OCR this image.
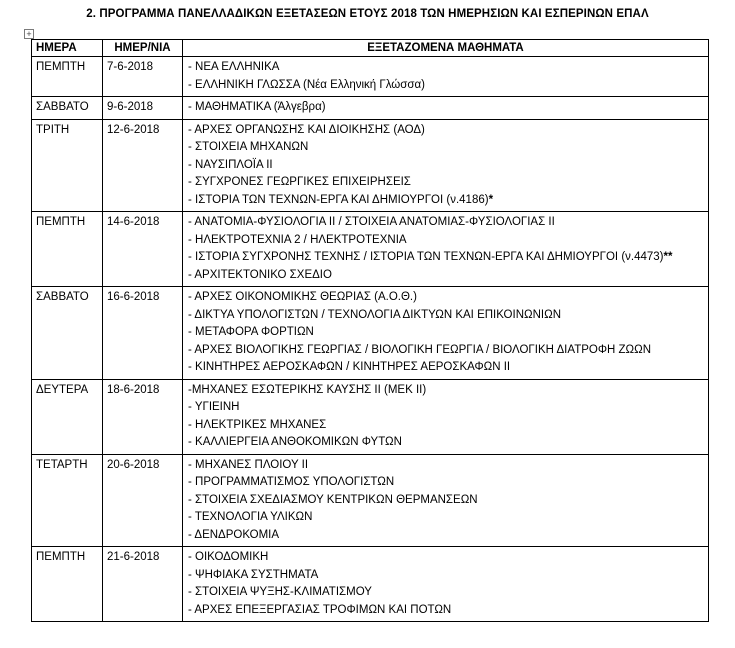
2. ΠΡΟΓΡΑΜΜΑ ΠΑΝΕΛΛΑΔΙΚΩΝ ΕΞΕΤΑΣΕΩΝ ΕΤΟΥΣ 2018 ΤΩΝ ΗΜΕΡΗΣΙΩΝ ΚΑΙ ΕΣΠΕΡΙΝΩΝ ΕΠΑΛ
+
ΗΜΕΡΑ	ΗΜΕΡ/ΝΙΑ	ΕΞΕΤΑΖΟΜΕΝΑ ΜΑΘΗΜΑΤΑ

ΠΕΜΠΤΗ	7-6-2018	- ΝΕΑ ΕΛΛΗΝΙΚΑ
- ΕΛΛΗΝΙΚΗ ΓΛΩΣΣΑ (Νέα Ελληνική Γλώσσα)

ΣΑΒΒΑΤΟ	9-6-2018	- ΜΑΘΗΜΑΤΙΚΑ (Άλγεβρα)

ΤΡΙΤΗ	12-6-2018	- ΑΡΧΕΣ ΟΡΓΑΝΩΣΗΣ ΚΑΙ ΔΙΟΙΚΗΣΗΣ (ΑΟΔ)
- ΣΤΟΙΧΕΙΑ ΜΗΧΑΝΩΝ
- ΝΑΥΣΙΠΛΟΪΑ ΙΙ
- ΣΥΓΧΡΟΝΕΣ ΓΕΩΡΓΙΚΕΣ ΕΠΙΧΕΙΡΗΣΕΙΣ
- ΙΣΤΟΡΙΑ ΤΩΝ ΤΕΧΝΩΝ-ΕΡΓΑ ΚΑΙ ΔΗΜΙΟΥΡΓΟΙ (ν.4186)*

ΠΕΜΠΤΗ	14-6-2018	- ΑΝΑΤΟΜΙΑ-ΦΥΣΙΟΛΟΓΙΑ ΙΙ / ΣΤΟΙΧΕΙΑ ΑΝΑΤΟΜΙΑΣ-ΦΥΣΙΟΛΟΓΙΑΣ ΙΙ
- ΗΛΕΚΤΡΟΤΕΧΝΙΑ 2 / ΗΛΕΚΤΡΟΤΕΧΝΙΑ
- ΙΣΤΟΡΙΑ ΣΥΓΧΡΟΝΗΣ ΤΕΧΝΗΣ / ΙΣΤΟΡΙΑ ΤΩΝ ΤΕΧΝΩΝ-ΕΡΓΑ ΚΑΙ ΔΗΜΙΟΥΡΓΟΙ (ν.4473)**
- ΑΡΧΙΤΕΚΤΟΝΙΚΟ ΣΧΕΔΙΟ

ΣΑΒΒΑΤΟ	16-6-2018	- ΑΡΧΕΣ ΟΙΚΟΝΟΜΙΚΗΣ ΘΕΩΡΙΑΣ (Α.Ο.Θ.)
- ΔΙΚΤΥΑ ΥΠΟΛΟΓΙΣΤΩΝ / ΤΕΧΝΟΛΟΓΙΑ ΔΙΚΤΥΩΝ ΚΑΙ ΕΠΙΚΟΙΝΩΝΙΩΝ
- ΜΕΤΑΦΟΡΑ ΦΟΡΤΙΩΝ
- ΑΡΧΕΣ ΒΙΟΛΟΓΙΚΗΣ ΓΕΩΡΓΙΑΣ / ΒΙΟΛΟΓΙΚΗ ΓΕΩΡΓΙΑ / ΒΙΟΛΟΓΙΚΗ ΔΙΑΤΡΟΦΗ ΖΩΩΝ
- ΚΙΝΗΤΗΡΕΣ ΑΕΡΟΣΚΑΦΩΝ / ΚΙΝΗΤΗΡΕΣ ΑΕΡΟΣΚΑΦΩΝ ΙΙ

ΔΕΥΤΕΡΑ	18-6-2018	-ΜΗΧΑΝΕΣ ΕΣΩΤΕΡΙΚΗΣ ΚΑΥΣΗΣ ΙΙ (ΜΕΚ ΙΙ)
- ΥΓΙΕΙΝΗ
- ΗΛΕΚΤΡΙΚΕΣ ΜΗΧΑΝΕΣ
- ΚΑΛΛΙΕΡΓΕΙΑ ΑΝΘΟΚΟΜΙΚΩΝ ΦΥΤΩΝ

ΤΕΤΑΡΤΗ	20-6-2018	- ΜΗΧΑΝΕΣ ΠΛΟΙΟΥ ΙΙ
- ΠΡΟΓΡΑΜΜΑΤΙΣΜΟΣ ΥΠΟΛΟΓΙΣΤΩΝ
- ΣΤΟΙΧΕΙΑ ΣΧΕΔΙΑΣΜΟΥ ΚΕΝΤΡΙΚΩΝ ΘΕΡΜΑΝΣΕΩΝ
- ΤΕΧΝΟΛΟΓΙΑ ΥΛΙΚΩΝ
- ΔΕΝΔΡΟΚΟΜΙΑ

ΠΕΜΠΤΗ	21-6-2018	- ΟΙΚΟΔΟΜΙΚΗ
- ΨΗΦΙΑΚΑ ΣΥΣΤΗΜΑΤΑ
- ΣΤΟΙΧΕΙΑ ΨΥΞΗΣ-ΚΛΙΜΑΤΙΣΜΟΥ
- ΑΡΧΕΣ ΕΠΕΞΕΡΓΑΣΙΑΣ ΤΡΟΦΙΜΩΝ ΚΑΙ ΠΟΤΩΝ
